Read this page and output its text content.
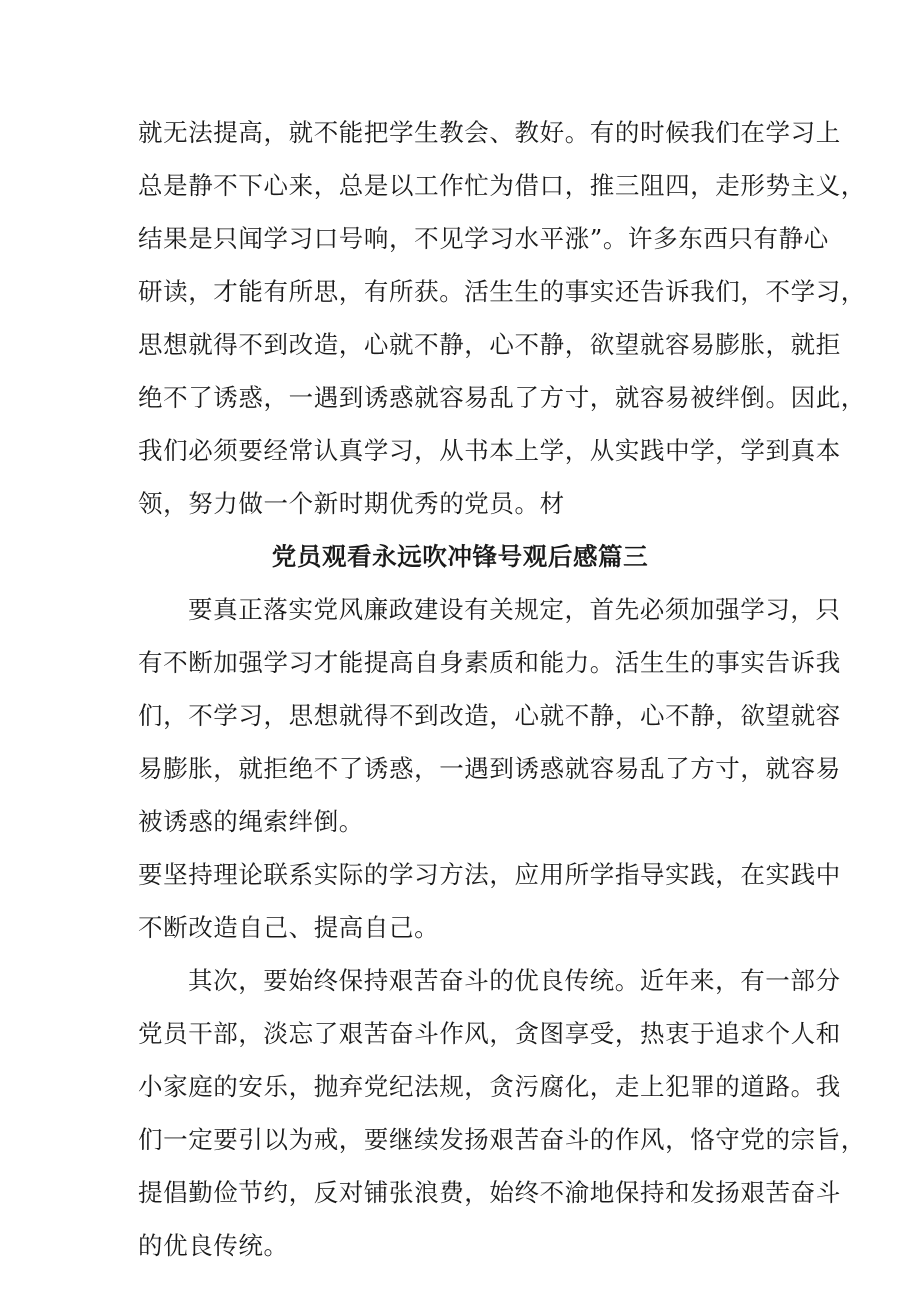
就无法提高，就不能把学生教会、教好。有的时候我们在学习上
总是静不下心来，总是以工作忙为借口，推三阻四，走形势主义，
结果是只闻学习口号响，不见学习水平涨”。许多东西只有静心
研读，才能有所思，有所获。活生生的事实还告诉我们，不学习，
思想就得不到改造，心就不静，心不静，欲望就容易膨胀，就拒
绝不了诱惑，一遇到诱惑就容易乱了方寸，就容易被绊倒。因此，
我们必须要经常认真学习，从书本上学，从实践中学，学到真本
领，努力做一个新时期优秀的党员。材
党员观看永远吹冲锋号观后感篇三
要真正落实党风廉政建设有关规定，首先必须加强学习，只
有不断加强学习才能提高自身素质和能力。活生生的事实告诉我
们，不学习，思想就得不到改造，心就不静，心不静，欲望就容
易膨胀，就拒绝不了诱惑，一遇到诱惑就容易乱了方寸，就容易
被诱惑的绳索绊倒。
要坚持理论联系实际的学习方法，应用所学指导实践，在实践中
不断改造自己、提高自己。
其次，要始终保持艰苦奋斗的优良传统。近年来，有一部分
党员干部，淡忘了艰苦奋斗作风，贪图享受，热衷于追求个人和
小家庭的安乐，抛弃党纪法规，贪污腐化，走上犯罪的道路。我
们一定要引以为戒，要继续发扬艰苦奋斗的作风，恪守党的宗旨，
提倡勤俭节约，反对铺张浪费，始终不渝地保持和发扬艰苦奋斗
的优良传统。
